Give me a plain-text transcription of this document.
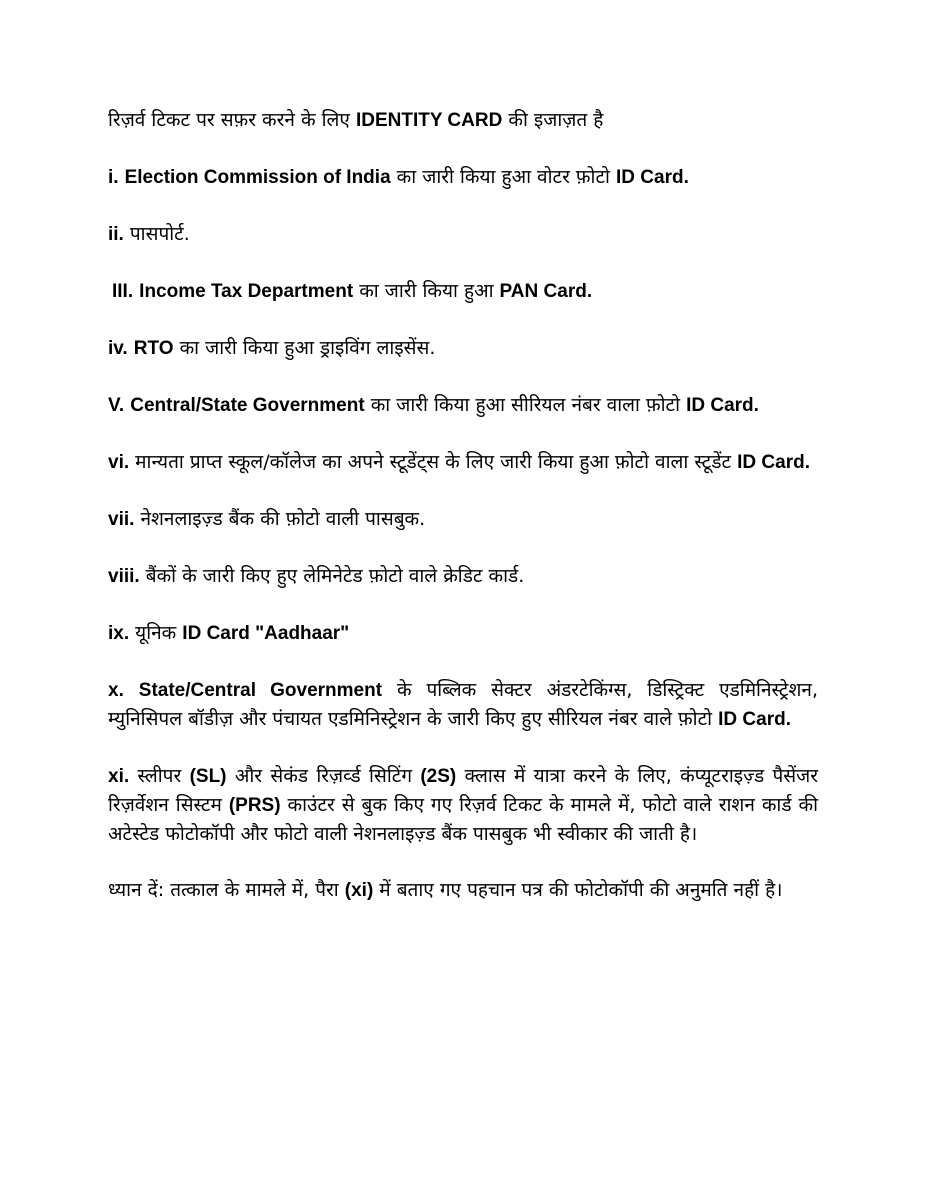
रिज़र्व टिकट पर सफ़र करने के लिए IDENTITY CARD की इजाज़त है

i. Election Commission of India का जारी किया हुआ वोटर फ़ोटो ID Card.

ii. पासपोर्ट.

III. Income Tax Department का जारी किया हुआ PAN Card.

iv. RTO का जारी किया हुआ ड्राइविंग लाइसेंस.

V. Central/State Government का जारी किया हुआ सीरियल नंबर वाला फ़ोटो ID Card.

vi. मान्यता प्राप्त स्कूल/कॉलेज का अपने स्टूडेंट्स के लिए जारी किया हुआ फ़ोटो वाला स्टूडेंट ID Card.

vii. नेशनलाइज़्ड बैंक की फ़ोटो वाली पासबुक.

viii. बैंकों के जारी किए हुए लेमिनेटेड फ़ोटो वाले क्रेडिट कार्ड.

ix. यूनिक ID Card "Aadhaar"

x. State/Central Government के पब्लिक सेक्टर अंडरटेकिंग्स, डिस्ट्रिक्ट एडमिनिस्ट्रेशन, म्युनिसिपल बॉडीज़ और पंचायत एडमिनिस्ट्रेशन के जारी किए हुए सीरियल नंबर वाले फ़ोटो ID Card.

xi. स्लीपर (SL) और सेकंड रिज़र्व्ड सिटिंग (2S) क्लास में यात्रा करने के लिए, कंप्यूटराइज़्ड पैसेंजर रिज़र्वेशन सिस्टम (PRS) काउंटर से बुक किए गए रिज़र्व टिकट के मामले में, फोटो वाले राशन कार्ड की अटेस्टेड फोटोकॉपी और फोटो वाली नेशनलाइज़्ड बैंक पासबुक भी स्वीकार की जाती है।

ध्यान दें: तत्काल के मामले में, पैरा (xi) में बताए गए पहचान पत्र की फोटोकॉपी की अनुमति नहीं है।
